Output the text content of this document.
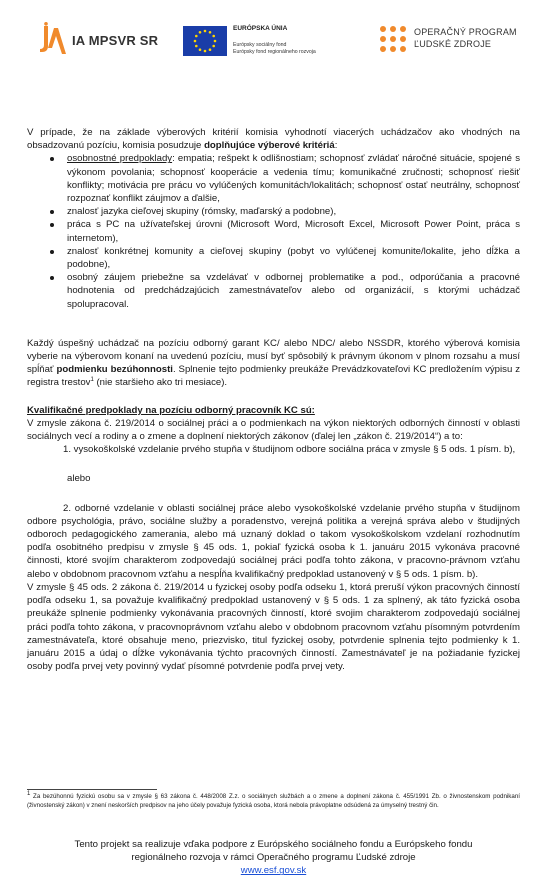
IA MPSVR SR
EURÓPSKA ÚNIA
Európsky sociálny fond
Európsky fond regionálneho rozvoja
OPERAČNÝ PROGRAM
ĽUDSKÉ ZDROJE

V prípade, že na základe výberových kritérií komisia vyhodnotí viacerých uchádzačov ako vhodných na obsadzovanú pozíciu, komisia posudzuje doplňujúce výberové kritériá:

osobnostné predpoklady: empatia; rešpekt k odlišnostiam; schopnosť zvládať náročné situácie, spojené s výkonom povolania; schopnosť kooperácie a vedenia tímu; komunikačné zručnosti; schopnosť riešiť konflikty; motivácia pre prácu vo vylúčených komunitách/lokalitách; schopnosť ostať neutrálny, schopnosť rozpoznať konflikt záujmov a ďalšie,
znalosť jazyka cieľovej skupiny (rómsky, maďarský a podobne),
práca s PC na užívateľskej úrovni (Microsoft Word, Microsoft Excel, Microsoft Power Point, práca s internetom),
znalosť konkrétnej komunity a cieľovej skupiny (pobyt vo vylúčenej komunite/lokalite, jeho dĺžka a podobne),
osobný záujem priebežne sa vzdelávať v odbornej problematike a pod., odporúčania a pracovné hodnotenia od predchádzajúcich zamestnávateľov alebo od organizácií, s ktorými uchádzač spolupracoval.

Každý úspešný uchádzač na pozíciu odborný garant KC/ alebo NDC/ alebo NSSDR, ktorého výberová komisia vyberie na výberovom konaní na uvedenú pozíciu, musí byť spôsobilý k právnym úkonom v plnom rozsahu a musí spĺňať podmienku bezúhonnosti. Splnenie tejto podmienky preukáže Prevádzkovateľovi KC predložením výpisu z registra trestov$^1$ (nie staršieho ako tri mesiace).

Kvalifikačné predpoklady na pozíciu odborný pracovník KC sú:

V zmysle zákona č. 219/2014 o sociálnej práci a o podmienkach na výkon niektorých odborných činností v oblasti sociálnych vecí a rodiny a o zmene a doplnení niektorých zákonov (ďalej len „zákon č. 219/2014“) a to:

1. vysokoškolské vzdelanie prvého stupňa v študijnom odbore sociálna práca v zmysle § 5 ods. 1 písm. b),

alebo

2. odborné vzdelanie v oblasti sociálnej práce alebo vysokoškolské vzdelanie prvého stupňa v študijnom odbore psychológia, právo, sociálne služby a poradenstvo, verejná politika a verejná správa alebo v študijných odboroch pedagogického zamerania, alebo má uznaný doklad o takom vysokoškolskom vzdelaní rozhodnutím podľa osobitného predpisu v zmysle § 45 ods. 1, pokiaľ fyzická osoba k 1. januáru 2015 vykonáva pracovné činnosti, ktoré svojím charakterom zodpovedajú sociálnej práci podľa tohto zákona, v pracovno-právnom vzťahu alebo v obdobnom pracovnom vzťahu a nespĺňa kvalifikačný predpoklad ustanovený v § 5 ods. 1 písm. b).

V zmysle § 45 ods. 2 zákona č. 219/2014 u fyzickej osoby podľa odseku 1, ktorá preruší výkon pracovných činností podľa odseku 1, sa považuje kvalifikačný predpoklad ustanovený v § 5 ods. 1 za splnený, ak táto fyzická osoba preukáže splnenie podmienky vykonávania pracovných činností, ktoré svojim charakterom zodpovedajú sociálnej práci podľa tohto zákona, v pracovnoprávnom vzťahu alebo v obdobnom pracovnom vzťahu písomným potvrdením zamestnávateľa, ktoré obsahuje meno, priezvisko, titul fyzickej osoby, potvrdenie splnenia tejto podmienky k 1. januáru 2015 a údaj o dĺžke vykonávania týchto pracovných činností. Zamestnávateľ je na požiadanie fyzickej osoby podľa prvej vety povinný vydať písomné potvrdenie podľa prvej vety.

$^1$ Za bezúhonnú fyzickú osobu sa v zmysle § 63 zákona č. 448/2008 Z.z. o sociálnych službách a o zmene a doplnení zákona č. 455/1991 Zb. o živnostenskom podnikaní (živnostenský zákon) v znení neskorších predpisov na jeho účely považuje fyzická osoba, ktorá nebola právoplatne odsúdená za úmyselný trestný čin.
Tento projekt sa realizuje vďaka podpore z Európského sociálneho fondu a Európskeho fondu
regionálneho rozvoja v rámci Operačného programu Ľudské zdroje
www.esf.gov.sk
